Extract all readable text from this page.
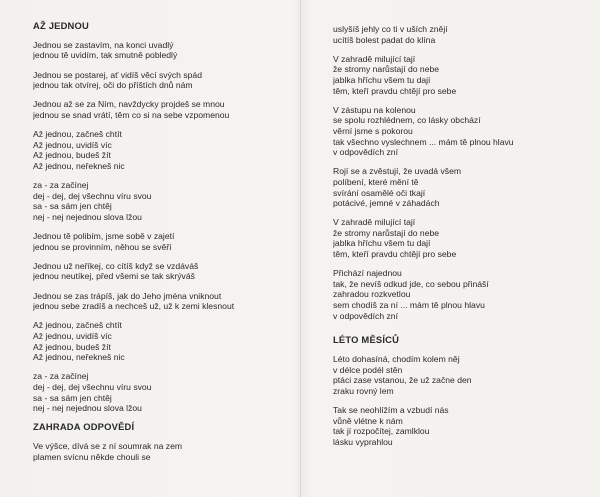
AŽ JEDNOU
Jednou se zastavím, na konci uvadlý
jednou tě uvidím, tak smutně pobledlý
Jednou se postarej, ať vidíš věcí svých spád
jednou tak otvírej, oči do příštích dnů nám
Jednou až se za Ním, navždycky projdeš se mnou
jednou se snad vrátí, těm co si na sebe vzpomenou
Až jednou, začneš chtít
Až jednou, uvidíš víc
Až jednou, budeš žít
Až jednou, neřekneš nic
za - za začínej
dej - dej, dej všechnu víru svou
sa - sa sám jen chtěj
nej - nej nejednou slova lžou
Jednou tě polibím, jsme sobě v zajetí
jednou se provinním, něhou se svěří
Jednou už neříkej, co cítíš když se vzdáváš
jednou neutíkej, před všemi se tak skrýváš
Jednou se zas trápíš, jak do Jeho jména vniknout
jednou sebe zradíš a nechceš už, už k zemi klesnout
Až jednou, začneš chtít
Až jednou, uvidíš víc
Až jednou, budeš žít
Až jednou, neřekneš nic
za - za začínej
dej - dej, dej všechnu víru svou
sa - sa sám jen chtěj
nej - nej nejednou slova lžou
ZAHRADA ODPOVĚDÍ
Ve výšce, dívá se z ní soumrak na zem
plamen svícnu někde chouli se
uslyšíš jehly co ti v uších znějí
ucítíš bolest padat do klína
V zahradě milující tají
že stromy narůstají do nebe
jablka hříchu všem tu dají
těm, kteří pravdu chtějí pro sebe
V zástupu na kolenou
se spolu rozhlédnem, co lásky obchází
věrní jsme s pokorou
tak všechno vyslechnem ... mám tě plnou hlavu
v odpovědích zní
Rojí se a zvěstují, že uvadá všem
políbení, které mění tě
svírání osamělé oči tkají
potácivé, jemné v záhadách
V zahradě milující tají
že stromy narůstají do nebe
jablka hříchu všem tu dají
těm, kteří pravdu chtějí pro sebe
Přichází najednou
tak, že nevíš odkud jde, co sebou přináší
zahradou rozkvetlou
sem chodíš za ní ... mám tě plnou hlavu
v odpovědích zní
LÉTO MĚSÍCŮ
Léto dohasíná, chodím kolem něj
v délce podél stěn
ptáci zase vstanou, že už začne den
zraku rovný lem
Tak se neohlížím a vzbudí nás
vůně vlétne k nám
tak jí rozpočítej, zamlklou
lásku vyprahlou
